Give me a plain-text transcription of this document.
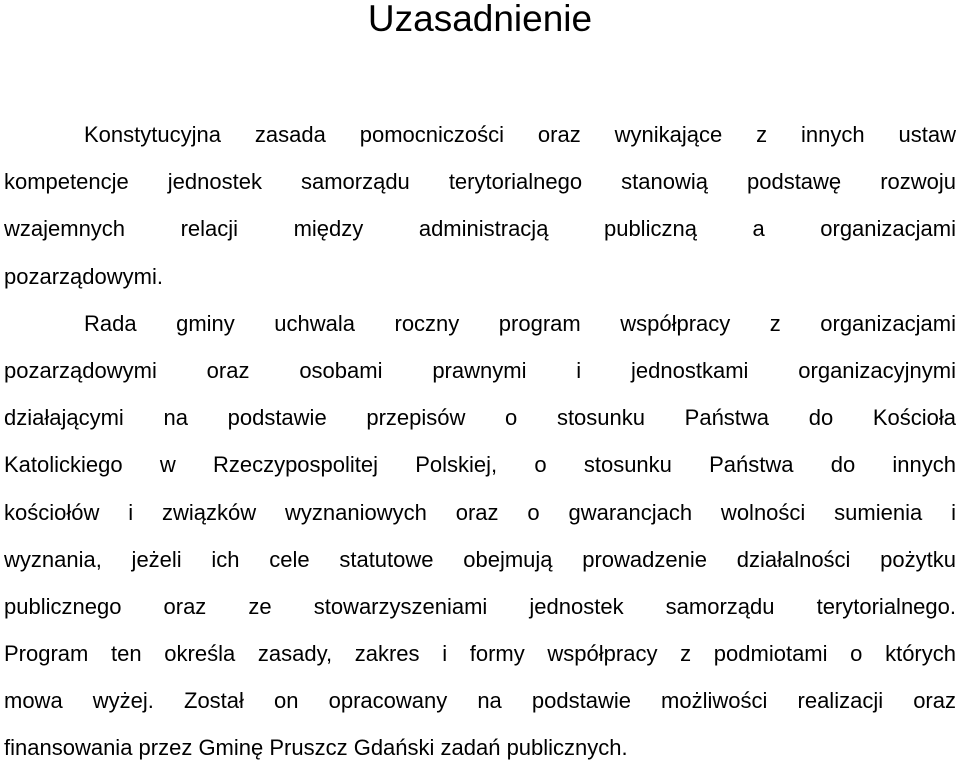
Uzasadnienie
Konstytucyjna zasada pomocniczości oraz wynikające z innych ustaw
kompetencje jednostek samorządu terytorialnego stanowią podstawę rozwoju
wzajemnych relacji między administracją publiczną a organizacjami
pozarządowymi.
Rada gminy uchwala roczny program współpracy z organizacjami
pozarządowymi oraz osobami prawnymi i jednostkami organizacyjnymi
działającymi na podstawie przepisów o stosunku Państwa do Kościoła
Katolickiego w Rzeczypospolitej Polskiej, o stosunku Państwa do innych
kościołów i związków wyznaniowych oraz o gwarancjach wolności sumienia i
wyznania, jeżeli ich cele statutowe obejmują prowadzenie działalności pożytku
publicznego oraz ze stowarzyszeniami jednostek samorządu terytorialnego.
Program ten określa zasady, zakres i formy współpracy z podmiotami o których
mowa wyżej. Został on opracowany na podstawie możliwości realizacji oraz
finansowania przez Gminę Pruszcz Gdański zadań publicznych.
